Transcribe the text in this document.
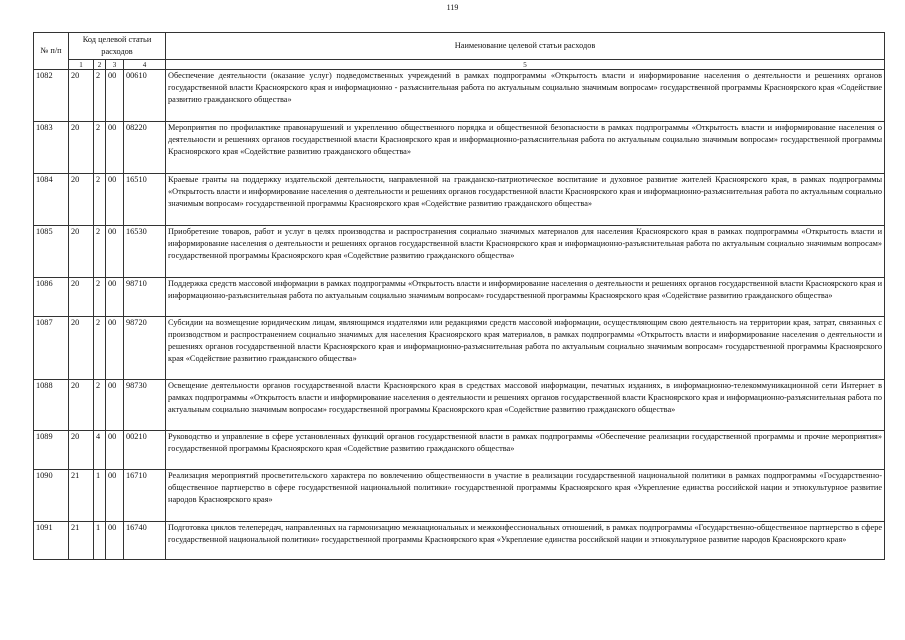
119
№ п/п	Код целевой статьи расходов				Наименование целевой статьи расходов
	1	2	3	4	5
1082	20	2	00	00610	Обеспечение деятельности (оказание услуг) подведомственных учреждений в рамках подпрограммы «Открытость власти и информирование населения о деятельности и решениях органов государственной власти Красноярского края и информационно - разъяснительная работа по актуальным социально значимым вопросам» государственной программы Красноярского края «Содействие развитию гражданского общества»
1083	20	2	00	08220	Мероприятия по профилактике правонарушений и укреплению общественного порядка и общественной безопасности в рамках подпрограммы «Открытость власти и информирование населения о деятельности и решениях органов государственной власти Красноярского края и информационно-разъяснительная работа по актуальным социально значимым вопросам» государственной программы Красноярского края «Содействие развитию гражданского общества»
1084	20	2	00	16510	Краевые гранты на поддержку издательской деятельности, направленной на гражданско-патриотическое воспитание и духовное развитие жителей Красноярского края, в рамках подпрограммы «Открытость власти и информирование населения о деятельности и решениях органов государственной власти Красноярского края и информационно-разъяснительная работа по актуальным социально значимым вопросам» государственной программы Красноярского края «Содействие развитию гражданского общества»
1085	20	2	00	16530	Приобретение товаров, работ и услуг в целях производства и распространения социально значимых материалов для населения Красноярского края в рамках подпрограммы «Открытость власти и информирование населения о деятельности и решениях органов государственной власти Красноярского края и информационно-разъяснительная работа по актуальным социально значимым вопросам» государственной программы Красноярского края «Содействие развитию гражданского общества»
1086	20	2	00	98710	Поддержка средств массовой информации в рамках подпрограммы «Открытость власти и информирование населения о деятельности и решениях органов государственной власти Красноярского края и информационно-разъяснительная работа по актуальным социально значимым вопросам» государственной программы Красноярского края «Содействие развитию гражданского общества»
1087	20	2	00	98720	Субсидии на возмещение юридическим лицам, являющимся издателями или редакциями средств массовой информации, осуществляющим свою деятельность на территории края, затрат, связанных с производством и распространением социально значимых для населения Красноярского края материалов, в рамках подпрограммы «Открытость власти и информирование населения о деятельности и решениях органов государственной власти Красноярского края и информационно-разъяснительная работа по актуальным социально значимым вопросам» государственной программы Красноярского края «Содействие развитию гражданского общества»
1088	20	2	00	98730	Освещение деятельности органов государственной власти Красноярского края в средствах массовой информации, печатных изданиях, в информационно-телекоммуникационной сети Интернет в рамках подпрограммы «Открытость власти и информирование населения о деятельности и решениях органов государственной власти Красноярского края и информационно-разъяснительная работа по актуальным социально значимым вопросам» государственной программы Красноярского края «Содействие развитию гражданского общества»
1089	20	4	00	00210	Руководство и управление в сфере установленных функций органов государственной власти в рамках подпрограммы «Обеспечение реализации государственной программы и прочие мероприятия» государственной программы Красноярского края «Содействие развитию гражданского общества»
1090	21	1	00	16710	Реализация мероприятий просветительского характера по вовлечению общественности в участие в реализации государственной национальной политики в рамках подпрограммы «Государственно-общественное партнерство в сфере государственной национальной политики» государственной программы Красноярского края «Укрепление единства российской нации и этнокультурное развитие народов Красноярского края»
1091	21	1	00	16740	Подготовка циклов телепередач, направленных на гармонизацию межнациональных и межконфессиональных отношений, в рамках подпрограммы «Государственно-общественное партнерство в сфере государственной национальной политики» государственной программы Красноярского края «Укрепление единства российской нации и этнокультурное развитие народов Красноярского края»
